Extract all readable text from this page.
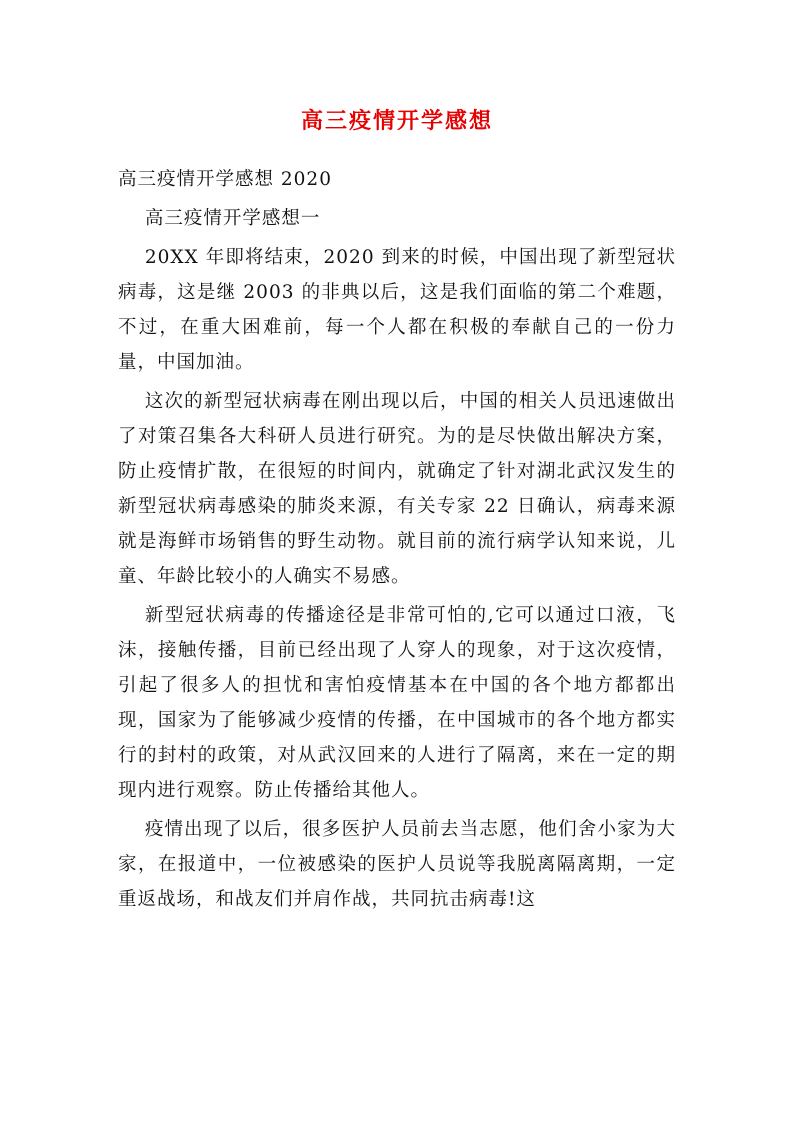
高三疫情开学感想

高三疫情开学感想 2020

高三疫情开学感想一

20XX 年即将结束，2020 到来的时候，中国出现了新型冠状病毒，这是继 2003 的非典以后，这是我们面临的第二个难题，不过，在重大困难前，每一个人都在积极的奉献自己的一份力量，中国加油。

这次的新型冠状病毒在刚出现以后，中国的相关人员迅速做出了对策召集各大科研人员进行研究。为的是尽快做出解决方案，防止疫情扩散，在很短的时间内，就确定了针对湖北武汉发生的新型冠状病毒感染的肺炎来源，有关专家 22 日确认，病毒来源就是海鲜市场销售的野生动物。就目前的流行病学认知来说，儿童、年龄比较小的人确实不易感。

新型冠状病毒的传播途径是非常可怕的,它可以通过口液，飞沫，接触传播，目前已经出现了人穿人的现象，对于这次疫情，引起了很多人的担忧和害怕疫情基本在中国的各个地方都都出现，国家为了能够减少疫情的传播，在中国城市的各个地方都实行的封村的政策，对从武汉回来的人进行了隔离，来在一定的期现内进行观察。防止传播给其他人。

疫情出现了以后，很多医护人员前去当志愿，他们舍小家为大家，在报道中，一位被感染的医护人员说等我脱离隔离期，一定重返战场，和战友们并肩作战，共同抗击病毒!这
